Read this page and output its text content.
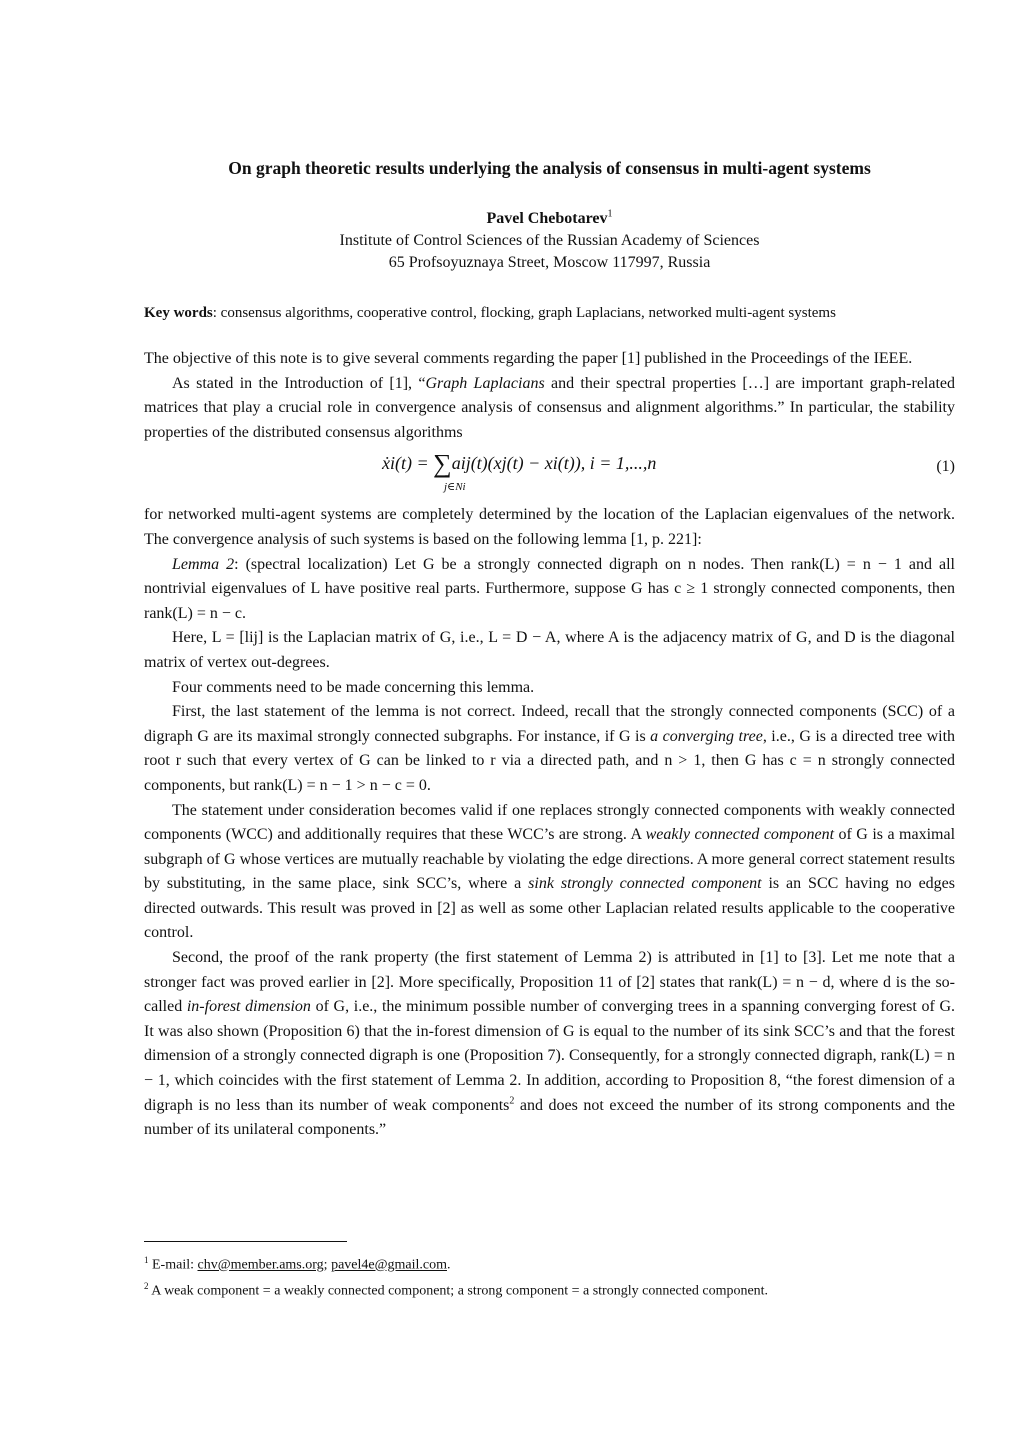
On graph theoretic results underlying the analysis of consensus in multi-agent systems
Pavel Chebotarev$^1$
Institute of Control Sciences of the Russian Academy of Sciences
65 Profsoyuznaya Street, Moscow 117997, Russia
Key words: consensus algorithms, cooperative control, flocking, graph Laplacians, networked multi-agent systems

The objective of this note is to give several comments regarding the paper [1] published in the Proceedings of the IEEE.

As stated in the Introduction of [1], “Graph Laplacians and their spectral properties […] are important graph-related matrices that play a crucial role in convergence analysis of consensus and alignment algorithms.” In particular, the stability properties of the distributed consensus algorithms

ẋi(t) = ∑aij(t)(xj(t) − xi(t)), i = 1,...,n
j∈Ni
(1)

for networked multi-agent systems are completely determined by the location of the Laplacian eigenvalues of the network. The convergence analysis of such systems is based on the following lemma [1, p. 221]:

Lemma 2: (spectral localization) Let G be a strongly connected digraph on n nodes. Then rank(L) = n − 1 and all nontrivial eigenvalues of L have positive real parts. Furthermore, suppose G has c ≥ 1 strongly connected components, then rank(L) = n − c.

Here, L = [lij] is the Laplacian matrix of G, i.e., L = D − A, where A is the adjacency matrix of G, and D is the diagonal matrix of vertex out-degrees.

Four comments need to be made concerning this lemma.

First, the last statement of the lemma is not correct. Indeed, recall that the strongly connected components (SCC) of a digraph G are its maximal strongly connected subgraphs. For instance, if G is a converging tree, i.e., G is a directed tree with root r such that every vertex of G can be linked to r via a directed path, and n > 1, then G has c = n strongly connected components, but rank(L) = n − 1 > n − c = 0.

The statement under consideration becomes valid if one replaces strongly connected components with weakly connected components (WCC) and additionally requires that these WCC’s are strong. A weakly connected component of G is a maximal subgraph of G whose vertices are mutually reachable by violating the edge directions. A more general correct statement results by substituting, in the same place, sink SCC’s, where a sink strongly connected component is an SCC having no edges directed outwards. This result was proved in [2] as well as some other Laplacian related results applicable to the cooperative control.

Second, the proof of the rank property (the first statement of Lemma 2) is attributed in [1] to [3]. Let me note that a stronger fact was proved earlier in [2]. More specifically, Proposition 11 of [2] states that rank(L) = n − d, where d is the so-called in-forest dimension of G, i.e., the minimum possible number of converging trees in a spanning converging forest of G. It was also shown (Proposition 6) that the in-forest dimension of G is equal to the number of its sink SCC’s and that the forest dimension of a strongly connected digraph is one (Proposition 7). Consequently, for a strongly connected digraph, rank(L) = n − 1, which coincides with the first statement of Lemma 2. In addition, according to Proposition 8, “the forest dimension of a digraph is no less than its number of weak components$^2$ and does not exceed the number of its strong components and the number of its unilateral components.”

$^1$ E-mail: chv@member.ams.org; pavel4e@gmail.com.
$^2$ A weak component = a weakly connected component; a strong component = a strongly connected component.
